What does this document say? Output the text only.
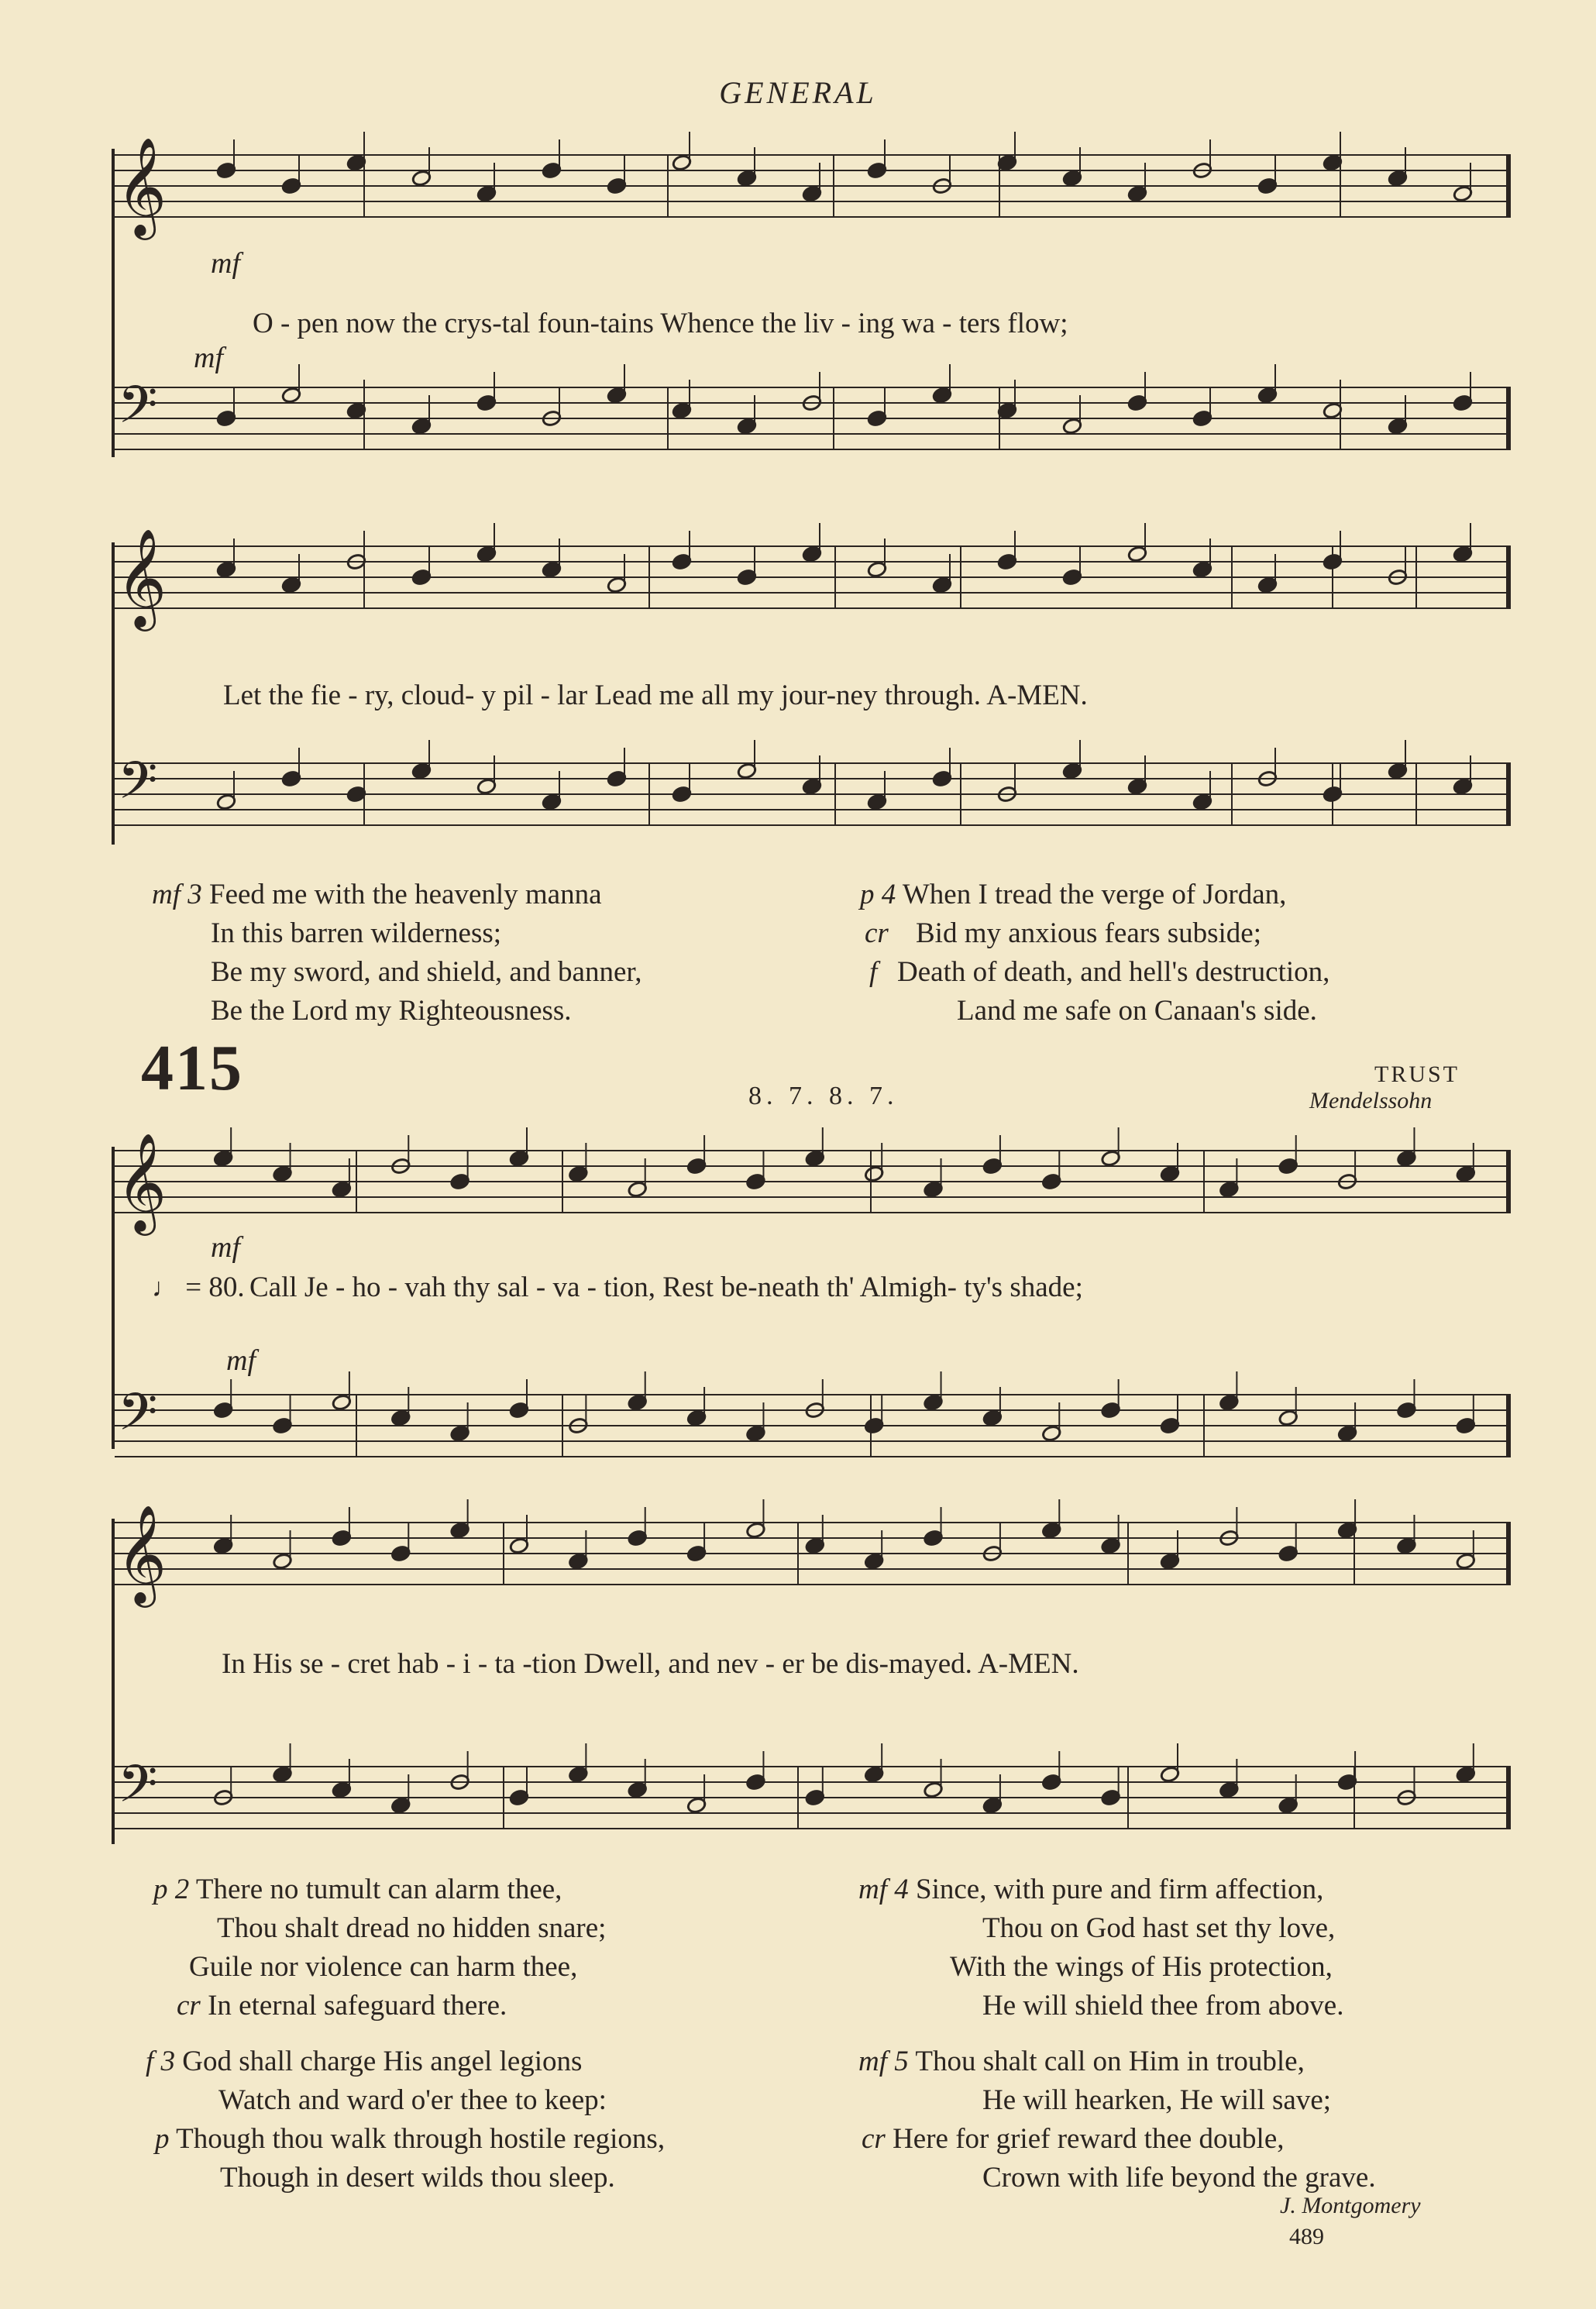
GENERAL
𝄞
𝄢
𝄞
𝄢
𝄞
𝄢
𝄞
𝄢
mf
mf
O - pen now the crys-tal foun-tains Whence the liv - ing wa - ters flow;
Let the fie - ry, cloud- y pil - lar Lead me all my jour-ney through. A-MEN.
mf 3 Feed me with the heavenly manna
In this barren wilderness;
Be my sword, and shield, and banner,
Be the Lord my Righteousness.
p 4 When I tread the verge of Jordan,
cr Bid my anxious fears subside;
f Death of death, and hell's destruction,
Land me safe on Canaan's side.
415	8. 7. 8. 7.
TRUST
Mendelssohn
mf
mf
♩ = 80. Call Je - ho - vah thy sal - va - tion, Rest be-neath th' Almigh- ty's shade;
In His se - cret hab - i - ta -tion Dwell, and nev - er be dis-mayed. A-MEN.
p 2 There no tumult can alarm thee,
Thou shalt dread no hidden snare;
Guile nor violence can harm thee,
cr In eternal safeguard there.
mf 4 Since, with pure and firm affection,
Thou on God hast set thy love,
With the wings of His protection,
He will shield thee from above.
f 3 God shall charge His angel legions
Watch and ward o'er thee to keep:
p Though thou walk through hostile regions,
Though in desert wilds thou sleep.
mf 5 Thou shalt call on Him in trouble,
He will hearken, He will save;
cr Here for grief reward thee double,
Crown with life beyond the grave.
J. Montgomery
489
